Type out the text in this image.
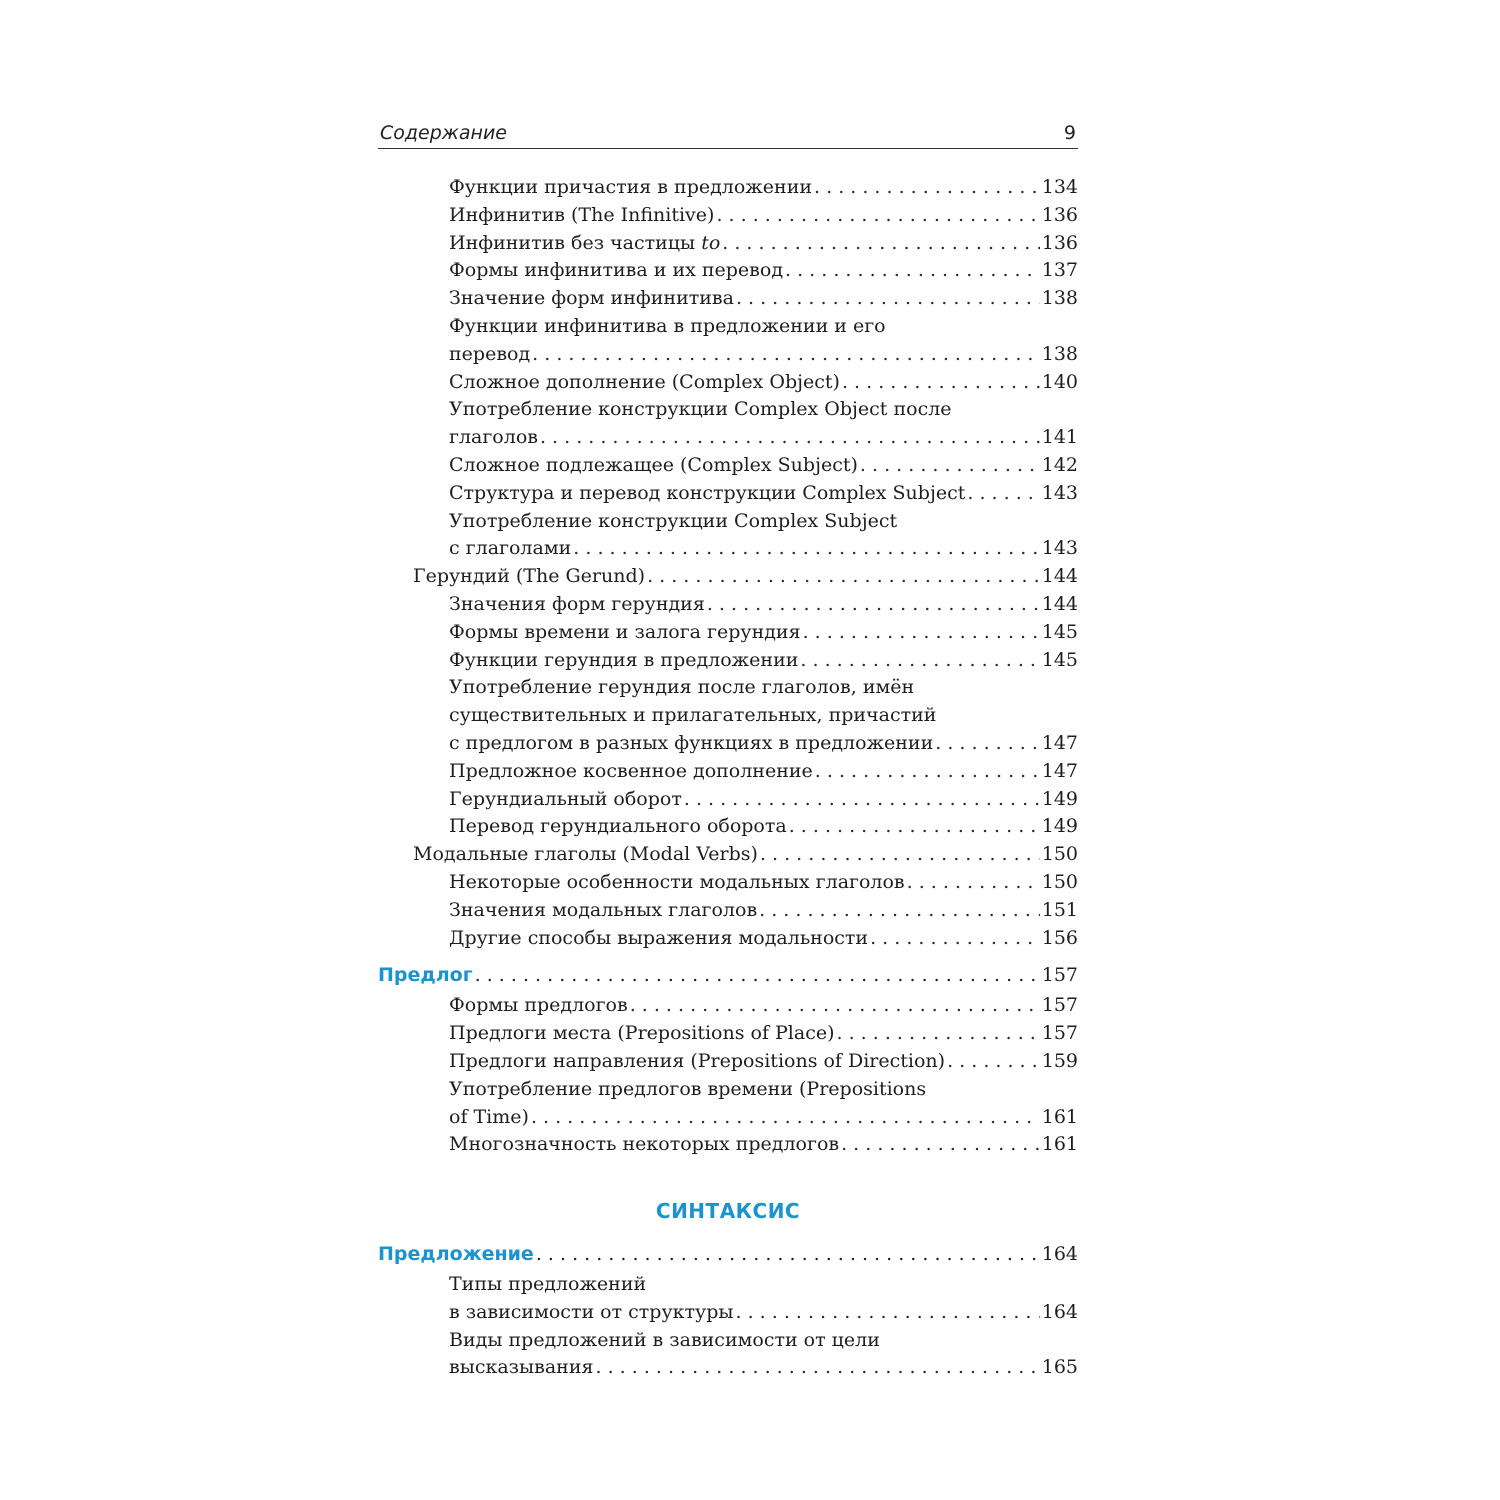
Содержание	9
Функции причастия в предложении . . .	134
Инфинитив (The Infinitive) . . .	136
Инфинитив без частицы to . . .	136
Формы инфинитива и их перевод . . .	137
Значение форм инфинитива . . .	138
Функции инфинитива в предложении и его
перевод . . .	138
Сложное дополнение (Complex Object) . . .	140
Употребление конструкции Complex Object после
глаголов . . .	141
Сложное подлежащее (Complex Subject) . . .	142
Структура и перевод конструкции Complex Subject . . .	143
Употребление конструкции Complex Subject
с глаголами . . .	143
Герундий (The Gerund) . . .	144
Значения форм герундия . . .	144
Формы времени и залога герундия . . .	145
Функции герундия в предложении . . .	145
Употребление герундия после глаголов, имён
существительных и прилагательных, причастий
с предлогом в разных функциях в предложении . . .	147
Предложное косвенное дополнение . . .	147
Герундиальный оборот . . .	149
Перевод герундиального оборота . . .	149
Модальные глаголы (Modal Verbs) . . .	150
Некоторые особенности модальных глаголов . . .	150
Значения модальных глаголов . . .	151
Другие способы выражения модальности . . .	156
Предлог . . .	157
Формы предлогов . . .	157
Предлоги места (Prepositions of Place) . . .	157
Предлоги направления (Prepositions of Direction) . . .	159
Употребление предлогов времени (Prepositions
of Time) . . .	161
Многозначность некоторых предлогов . . .	161
СИНТАКСИС
Предложение . . .	164
Типы предложений
в зависимости от структуры . . .	164
Виды предложений в зависимости от цели
высказывания . . .	165
